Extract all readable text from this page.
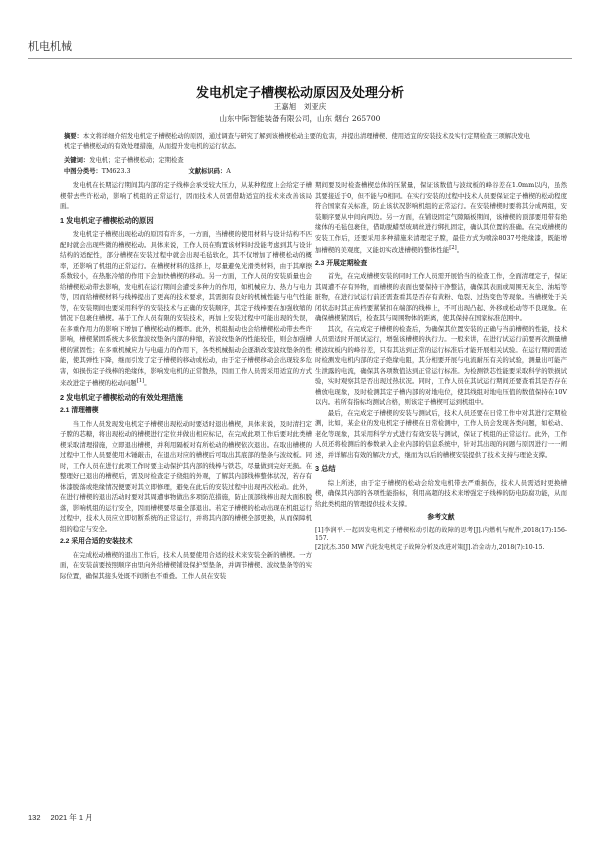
机电机械
发电机定子槽楔松动原因及处理分析
王嘉旭　刘亚庆
山东中际智能装备有限公司，山东 烟台 265700
摘要：本文将详细介绍发电机定子槽楔松动的原因，通过调查与研究了解到该槽楔松动主要的危害，并提出清理槽楔、使用适宜的安装技术及实行定期检查三项解决发电机定子槽楔松动的有效处理措施，从而提升发电机的运行状态。
关键词：发电机；定子槽楔松动；定期检查
中图分类号：TM623.3	文献标识码：A

发电机在长期运行期间其内部的定子线棒会承受较大压力，从某种程度上会给定子槽楔带去些许松动，影响了机组的正常运行，因而技术人员需借助适宜的技术来改善该局面。

1 发电机定子槽楔松动的原因

发电机定子槽楔出现松动的原因有许多，一方面，当槽楔的使用材料与设计结构不匹配时就会出现些微的槽楔松动。具体来说，工作人员在购置该材料时没能考虑到其与设计结构的适配性，部分槽楔在安装过程中就会出现毛毡软化，其不仅增加了槽楔松动的概率，还影响了机组的正常运行。在槽楔材料的选择上，尽量避免光滑类材料，由于其摩擦系数较小，在热胀冷缩的作用下会加快槽楔的移动。另一方面，工作人员的安装质量也会给槽楔松动带去影响，发电机在运行期间会遭受多种力的作用，如机械应力、热力与电力等，因而给槽楔材料与线棒提出了更高的技术要求，其需拥有良好的机械性能与电气性能等，在安装期间也要采用科学的安装技术与正确的安装顺序，其定子线棒要在加强收缩的情况下包裹住槽楔。基于工作人员有限的安装技术，再加上安装过程中可能出现的失误，在多重作用力的影响下增加了槽楔松动的概率。此外，机组振动也会给槽楔松动带去些许影响，槽楔紧固系统大多依靠波纹垫条内部的伸缩，若波纹垫条的性能较佳，则会加强槽楔的紧固性；在多重机械应力与电磁力的作用下，各类机械振动会逐渐改变波纹垫条的性能，使其弹性下降，继而引发了定子槽楔的移动或松动，由于定子槽楔移动会出现较多危害，如损伤定子线棒的绝缘体，影响发电机的正常散热，因而工作人员需采用适宜的方式来改进定子槽楔的松动问题[1]。

2 发电机定子槽楔松动的有效处理措施
2.1 清理槽楔

当工作人员发现发电机定子槽楔出现松动时要适时退出槽楔，具体来说，及时清扫定子膛的芯糖，将出现松动的槽楔进行定位并做出相应标记，在完成此项工作后要对此类槽楔采取清理措施，立即退出槽楔，并利用隔板对有所松动的槽楔依次退出。在取出槽楔的过程中工作人员要使用木锤敲击，在退出对应的槽楔后可取出其底部的垫条与波纹板。同时，工作人员在进行此项工作时要主动保护其内部的线棒与铁芯，尽量做到完好无损。在整理好已退出的槽楔后，需及时检查定子绕组的外观，了解其内部线棒整体状况，若存有体漆脱落或绝缘情况便要对其立即修理，避免在此后的安装过程中出现再次松动。此外，在进行槽楔的退出活动时要对其周遭事物做出多项防范措施，防止顶部线棒出现大面积脱落，影响机组的运行安全，因而槽楔要尽量全部退出。若定子槽楔的松动出现在机组运行过程中，技术人员应立即切断系统的正常运行，并将其内部的槽楔全部更换，从而保障机组的稳定与安全。

2.2 采用合适的安装技术

在完成松动槽楔的退出工作后，技术人员要使用合适的技术来安装全新的槽楔。一方面，在安装前要按照顺序由里向外给槽楔铺设保护型垫条，并调节槽楔、波纹垫条等的实际位置，确保其接头处既不间断也不重叠。工作人员在安装

期间要及时检查槽楔总体的压紧量，保证该数值与波纹板的峰谷差在1.0mm以内，虽然其要接近于0，但不能与0相同。在实行安装的过程中技术人员要保证定子槽楔的松动程度符合国家有关标准，防止该状况影响机组的正常运行。在安装槽楔时要将其分成两组，安装顺序要从中间向两边。另一方面，在铺设固定气隙隔板期间，该槽楔的顶部要用带有绝缘体的毛毡包裹住，借助脱蜡型玻璃丝进行绑扎固定，确认其位置的准确。在完成槽楔的安装工作后，还要采用多种措施来清理定子膛，最佳方式为喷涂8037号绝缘漆，既能增加槽楔的美观度，又能切实改进槽楔的整体性能[2]。

2.3 开展定期检查

首先，在完成槽楔安装的同时工作人员需开展恰当的检查工作，全面清理定子，保证其周遭不存有异物，而槽楔的表面也要保持干净整洁，确保其表面或周围无灰尘、油垢等脏物，在进行试运行前还需查看其是否存有黄粉、龟裂、过热变色等现象。当槽楔处于关闭状态时其正齿档要紧紧扣在端部的线棒上，不可出现凸起、外移或松动等不良现象。在确保槽楔紧固后，检查其与周围物体的距离，使其保持在国家标准范围中。

其次，在完成定子槽楔的检查后，为确保其位置安装的正确与当前槽楔的性能，技术人员需适时开展试运行，增强该槽楔的执行力。一般来讲，在进行试运行前要再次测量槽楔波纹板内的峰谷差，只有其达到正常的运行标准后才能开展相关试验。在运行期间需适时检测发电机内部的定子绝缘电阻，其分相要开展与电流耐压有关的试验，测量出可能产生泄露的电流，确保其各项数值达到正常运行标准。为检测铁芯性能要采取科学的铁损试验，实时观察其是否出现过热状况。同时，工作人员在其试运行期间还要查看其是否存在槽放电现象，及时检测其定子槽内部的对地电位，使其线组对地电压值的数值保持在10V以内。若所有指标均测试合格，则该定子槽楔可运到机组中。

最后，在完成定子槽楔的安装与测试后，技术人员还要在日常工作中对其进行定期检测，比如，某企业的发电机定子槽楔在日常检测中，工作人员会发现各类问题，如松动、老化等现象，其采用科学方式进行有效安装与测试，保证了机组的正常运行。此外，工作人员还将检测后的参数录入企业内部的信息系统中，针对其出现的问题与原因进行一一阐述，并详解出有效的解决方式，继而为以后的槽楔安装提供了技术支持与理论支撑。

3 总结

综上所述，由于定子槽楔的松动会给发电机带去严重损伤，技术人员需适时更换槽楔，确保其内部的各项性能指标，利用高超的技术来增强定子线棒的防电防腐功能，从而给此类机组的管理提供技术支撑。

参考文献
[1]李润平.一起因发电机定子槽楔松动引起的故障的思考[J].内燃机与配件,2018(17):156-157.
[2]沈杰.350 MW 汽轮发电机定子故障分析及改进对策[J].冶金动力,2018(7):10-15.
132 2021 年 1 月
